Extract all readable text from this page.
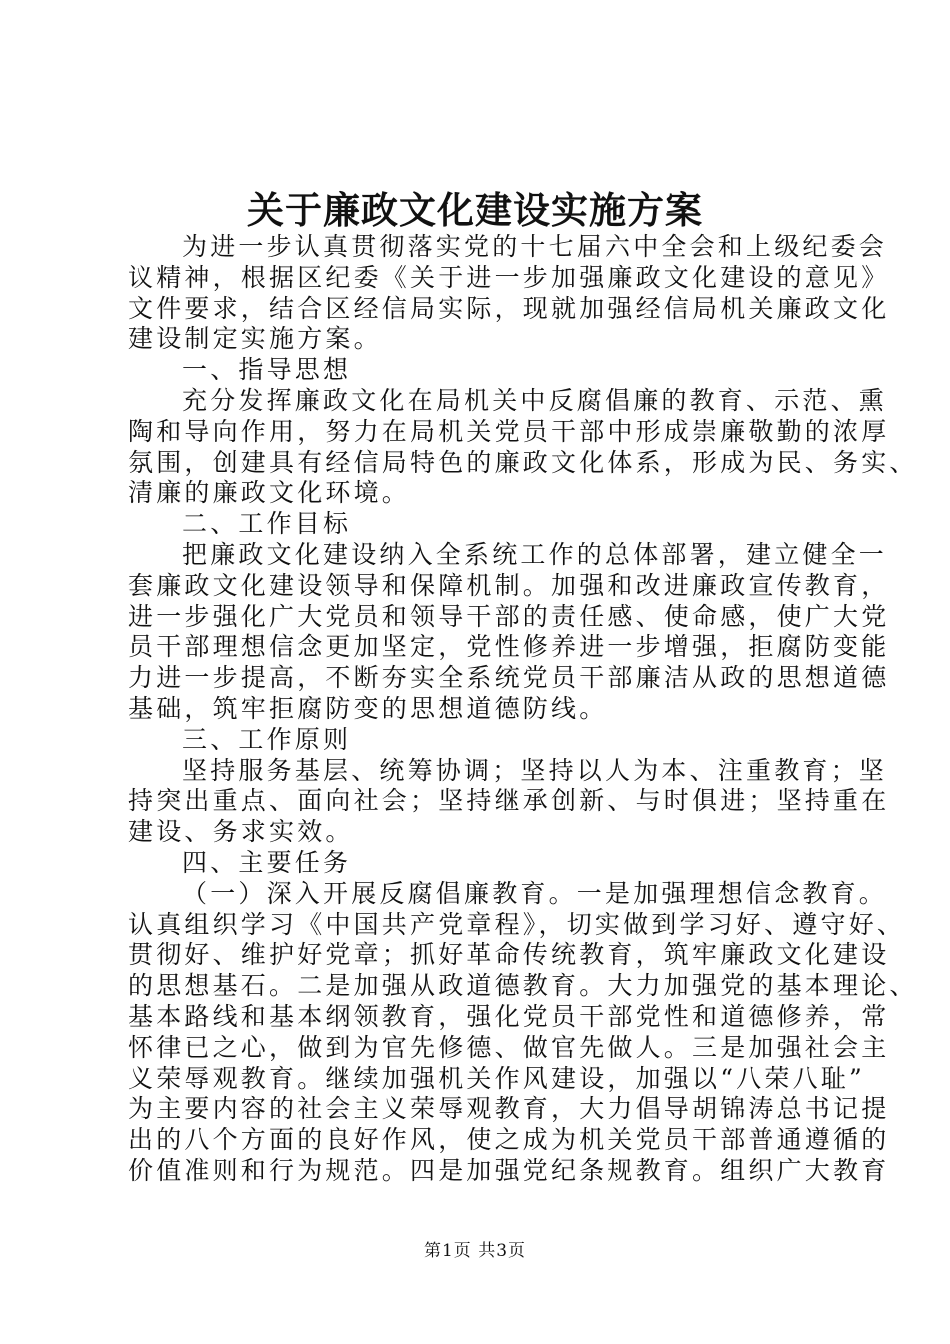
关于廉政文化建设实施方案
为进一步认真贯彻落实党的十七届六中全会和上级纪委会
议精神，根据区纪委《关于进一步加强廉政文化建设的意见》
文件要求，结合区经信局实际，现就加强经信局机关廉政文化
建设制定实施方案。
一、指导思想
充分发挥廉政文化在局机关中反腐倡廉的教育、示范、熏
陶和导向作用，努力在局机关党员干部中形成崇廉敬勤的浓厚
氛围，创建具有经信局特色的廉政文化体系，形成为民、务实、
清廉的廉政文化环境。
二、工作目标
把廉政文化建设纳入全系统工作的总体部署，建立健全一
套廉政文化建设领导和保障机制。加强和改进廉政宣传教育，
进一步强化广大党员和领导干部的责任感、使命感，使广大党
员干部理想信念更加坚定，党性修养进一步增强，拒腐防变能
力进一步提高，不断夯实全系统党员干部廉洁从政的思想道德
基础，筑牢拒腐防变的思想道德防线。
三、工作原则
坚持服务基层、统筹协调；坚持以人为本、注重教育；坚
持突出重点、面向社会；坚持继承创新、与时俱进；坚持重在
建设、务求实效。
四、主要任务
（一）深入开展反腐倡廉教育。一是加强理想信念教育。
认真组织学习《中国共产党章程》，切实做到学习好、遵守好、
贯彻好、维护好党章；抓好革命传统教育，筑牢廉政文化建设
的思想基石。二是加强从政道德教育。大力加强党的基本理论、
基本路线和基本纲领教育，强化党员干部党性和道德修养，常
怀律已之心，做到为官先修德、做官先做人。三是加强社会主
义荣辱观教育。继续加强机关作风建设，加强以“八荣八耻”
为主要内容的社会主义荣辱观教育，大力倡导胡锦涛总书记提
出的八个方面的良好作风，使之成为机关党员干部普通遵循的
价值准则和行为规范。四是加强党纪条规教育。组织广大教育
第1页 共3页
